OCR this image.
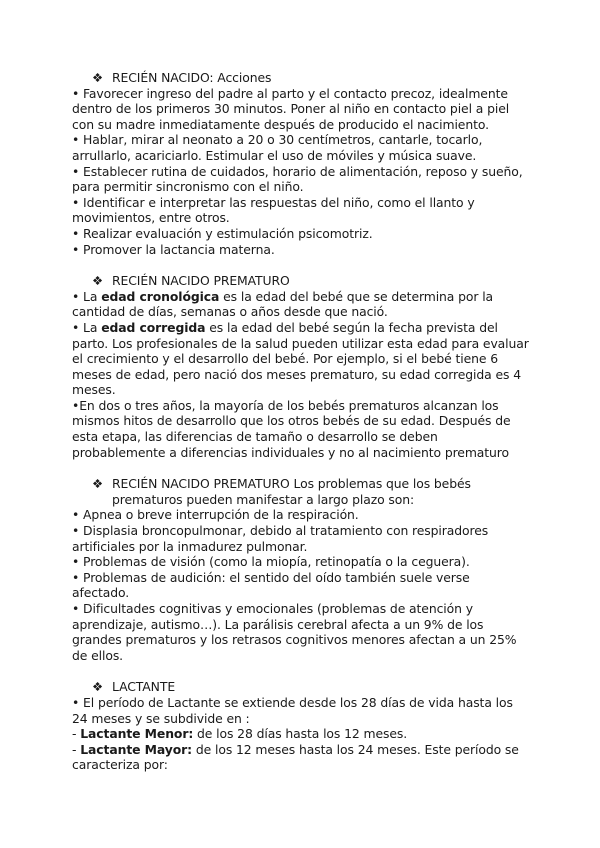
❖ RECIÉN NACIDO: Acciones

• Favorecer ingreso del padre al parto y el contacto precoz, idealmente dentro de los primeros 30 minutos. Poner al niño en contacto piel a piel con su madre inmediatamente después de producido el nacimiento.

• Hablar, mirar al neonato a 20 o 30 centímetros, cantarle, tocarlo, arrullarlo, acariciarlo. Estimular el uso de móviles y música suave.

• Establecer rutina de cuidados, horario de alimentación, reposo y sueño, para permitir sincronismo con el niño.

• Identificar e interpretar las respuestas del niño, como el llanto y movimientos, entre otros.

• Realizar evaluación y estimulación psicomotriz.

• Promover la lactancia materna.

❖ RECIÉN NACIDO PREMATURO

• La edad cronológica es la edad del bebé que se determina por la cantidad de días, semanas o años desde que nació.

• La edad corregida es la edad del bebé según la fecha prevista del parto. Los profesionales de la salud pueden utilizar esta edad para evaluar el crecimiento y el desarrollo del bebé. Por ejemplo, si el bebé tiene 6 meses de edad, pero nació dos meses prematuro, su edad corregida es 4 meses.

•En dos o tres años, la mayoría de los bebés prematuros alcanzan los mismos hitos de desarrollo que los otros bebés de su edad. Después de esta etapa, las diferencias de tamaño o desarrollo se deben probablemente a diferencias individuales y no al nacimiento prematuro

❖ RECIÉN NACIDO PREMATURO Los problemas que los bebés prematuros pueden manifestar a largo plazo son:

• Apnea o breve interrupción de la respiración.

• Displasia broncopulmonar, debido al tratamiento con respiradores artificiales por la inmadurez pulmonar.

• Problemas de visión (como la miopía, retinopatía o la ceguera).

• Problemas de audición: el sentido del oído también suele verse afectado.

• Dificultades cognitivas y emocionales (problemas de atención y aprendizaje, autismo…). La parálisis cerebral afecta a un 9% de los grandes prematuros y los retrasos cognitivos menores afectan a un 25% de ellos.

❖ LACTANTE

• El período de Lactante se extiende desde los 28 días de vida hasta los 24 meses y se subdivide en :

- Lactante Menor: de los 28 días hasta los 12 meses.

- Lactante Mayor: de los 12 meses hasta los 24 meses. Este período se caracteriza por:
